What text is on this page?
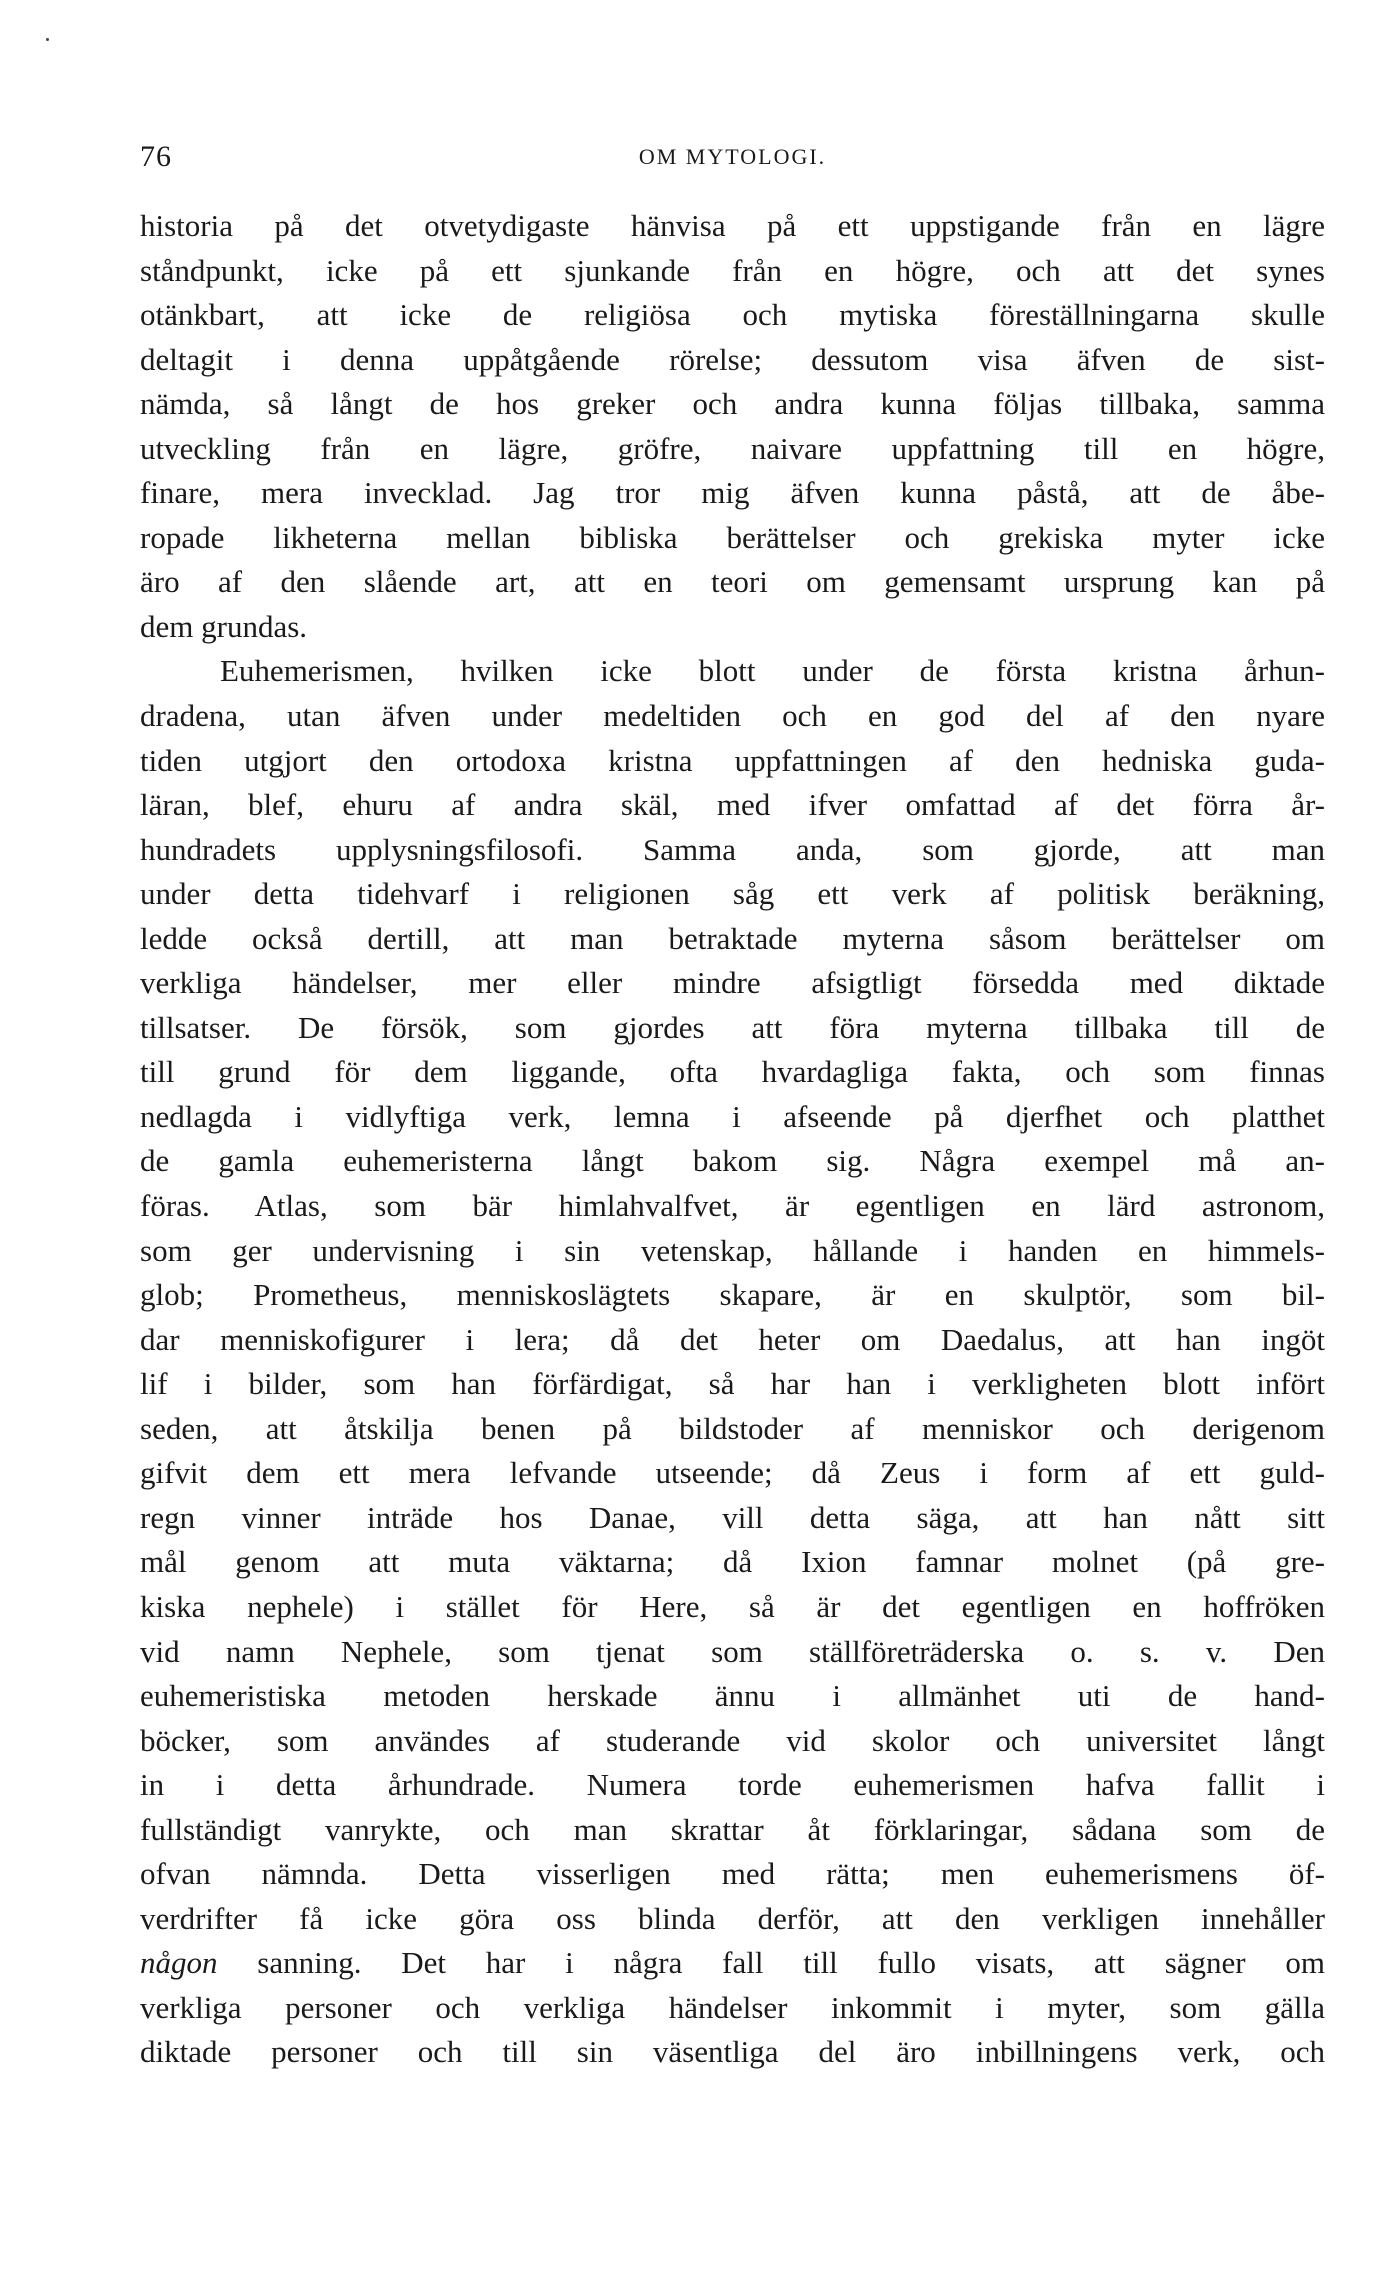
76	OM MYTOLOGI.
historia på det otvetydigaste hänvisa på ett uppstigande från en lägre
ståndpunkt, icke på ett sjunkande från en högre, och att det synes
otänkbart, att icke de religiösa och mytiska föreställningarna skulle
deltagit i denna uppåtgående rörelse; dessutom visa äfven de sist-
nämda, så långt de hos greker och andra kunna följas tillbaka, samma
utveckling från en lägre, gröfre, naivare uppfattning till en högre,
finare, mera invecklad. Jag tror mig äfven kunna påstå, att de åbe-
ropade likheterna mellan bibliska berättelser och grekiska myter icke
äro af den slående art, att en teori om gemensamt ursprung kan på
dem grundas.
Euhemerismen, hvilken icke blott under de första kristna århun-
dradena, utan äfven under medeltiden och en god del af den nyare
tiden utgjort den ortodoxa kristna uppfattningen af den hedniska guda-
läran, blef, ehuru af andra skäl, med ifver omfattad af det förra år-
hundradets upplysningsfilosofi. Samma anda, som gjorde, att man
under detta tidehvarf i religionen såg ett verk af politisk beräkning,
ledde också dertill, att man betraktade myterna såsom berättelser om
verkliga händelser, mer eller mindre afsigtligt försedda med diktade
tillsatser. De försök, som gjordes att föra myterna tillbaka till de
till grund för dem liggande, ofta hvardagliga fakta, och som finnas
nedlagda i vidlyftiga verk, lemna i afseende på djerfhet och platthet
de gamla euhemeristerna långt bakom sig. Några exempel må an-
föras. Atlas, som bär himlahvalfvet, är egentligen en lärd astronom,
som ger undervisning i sin vetenskap, hållande i handen en himmels-
glob; Prometheus, menniskoslägtets skapare, är en skulptör, som bil-
dar menniskofigurer i lera; då det heter om Daedalus, att han ingöt
lif i bilder, som han förfärdigat, så har han i verkligheten blott infört
seden, att åtskilja benen på bildstoder af menniskor och derigenom
gifvit dem ett mera lefvande utseende; då Zeus i form af ett guld-
regn vinner inträde hos Danae, vill detta säga, att han nått sitt
mål genom att muta väktarna; då Ixion famnar molnet (på gre-
kiska nephele) i stället för Here, så är det egentligen en hoffröken
vid namn Nephele, som tjenat som ställföreträderska o. s. v. Den
euhemeristiska metoden herskade ännu i allmänhet uti de hand-
böcker, som användes af studerande vid skolor och universitet långt
in i detta århundrade. Numera torde euhemerismen hafva fallit i
fullständigt vanrykte, och man skrattar åt förklaringar, sådana som de
ofvan nämnda. Detta visserligen med rätta; men euhemerismens öf-
verdrifter få icke göra oss blinda derför, att den verkligen innehåller
någon sanning. Det har i några fall till fullo visats, att sägner om
verkliga personer och verkliga händelser inkommit i myter, som gälla
diktade personer och till sin väsentliga del äro inbillningens verk, och
